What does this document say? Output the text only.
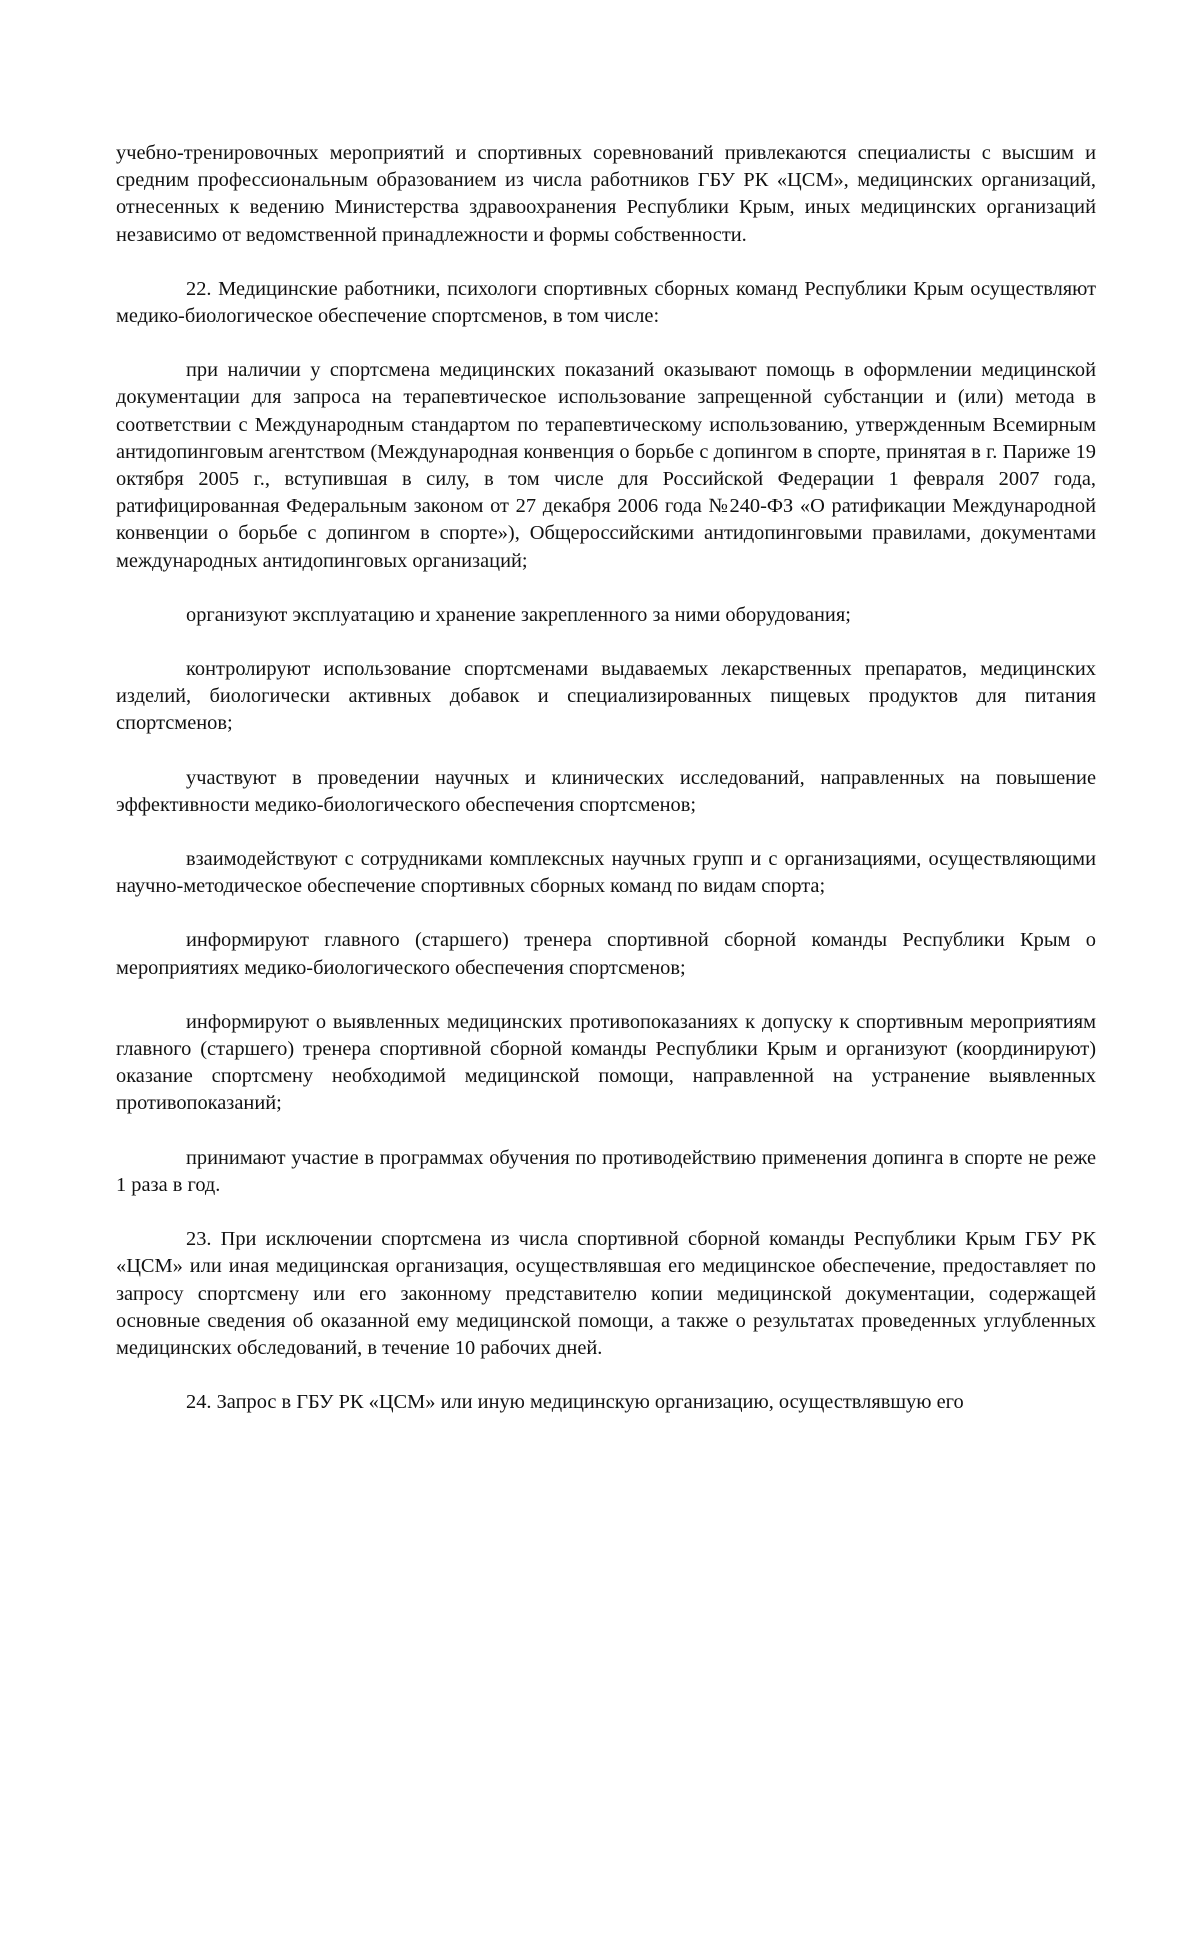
учебно-тренировочных мероприятий и спортивных соревнований привлекаются специалисты с высшим и средним профессиональным образованием из числа работников ГБУ РК «ЦСМ», медицинских организаций, отнесенных к ведению Министерства здравоохранения Республики Крым, иных медицинских организаций независимо от ведомственной принадлежности и формы собственности.

22. Медицинские работники, психологи спортивных сборных команд Республики Крым осуществляют медико-биологическое обеспечение спортсменов, в том числе:

при наличии у спортсмена медицинских показаний оказывают помощь в оформлении медицинской документации для запроса на терапевтическое использование запрещенной субстанции и (или) метода в соответствии с Международным стандартом по терапевтическому использованию, утвержденным Всемирным антидопинговым агентством (Международная конвенция о борьбе с допингом в спорте, принятая в г. Париже 19 октября 2005 г., вступившая в силу, в том числе для Российской Федерации 1 февраля 2007 года, ратифицированная Федеральным законом от 27 декабря 2006 года №240-ФЗ «О ратификации Международной конвенции о борьбе с допингом в спорте»), Общероссийскими антидопинговыми правилами, документами международных антидопинговых организаций;

организуют эксплуатацию и хранение закрепленного за ними оборудования;

контролируют использование спортсменами выдаваемых лекарственных препаратов, медицинских изделий, биологически активных добавок и специализированных пищевых продуктов для питания спортсменов;

участвуют в проведении научных и клинических исследований, направленных на повышение эффективности медико-биологического обеспечения спортсменов;

взаимодействуют с сотрудниками комплексных научных групп и с организациями, осуществляющими научно-методическое обеспечение спортивных сборных команд по видам спорта;

информируют главного (старшего) тренера спортивной сборной команды Республики Крым о мероприятиях медико-биологического обеспечения спортсменов;

информируют о выявленных медицинских противопоказаниях к допуску к спортивным мероприятиям главного (старшего) тренера спортивной сборной команды Республики Крым и организуют (координируют) оказание спортсмену необходимой медицинской помощи, направленной на устранение выявленных противопоказаний;

принимают участие в программах обучения по противодействию применения допинга в спорте не реже 1 раза в год.

23. При исключении спортсмена из числа спортивной сборной команды Республики Крым ГБУ РК «ЦСМ» или иная медицинская организация, осуществлявшая его медицинское обеспечение, предоставляет по запросу спортсмену или его законному представителю копии медицинской документации, содержащей основные сведения об оказанной ему медицинской помощи, а также о результатах проведенных углубленных медицинских обследований, в течение 10 рабочих дней.

24. Запрос в ГБУ РК «ЦСМ» или иную медицинскую организацию, осуществлявшую его
